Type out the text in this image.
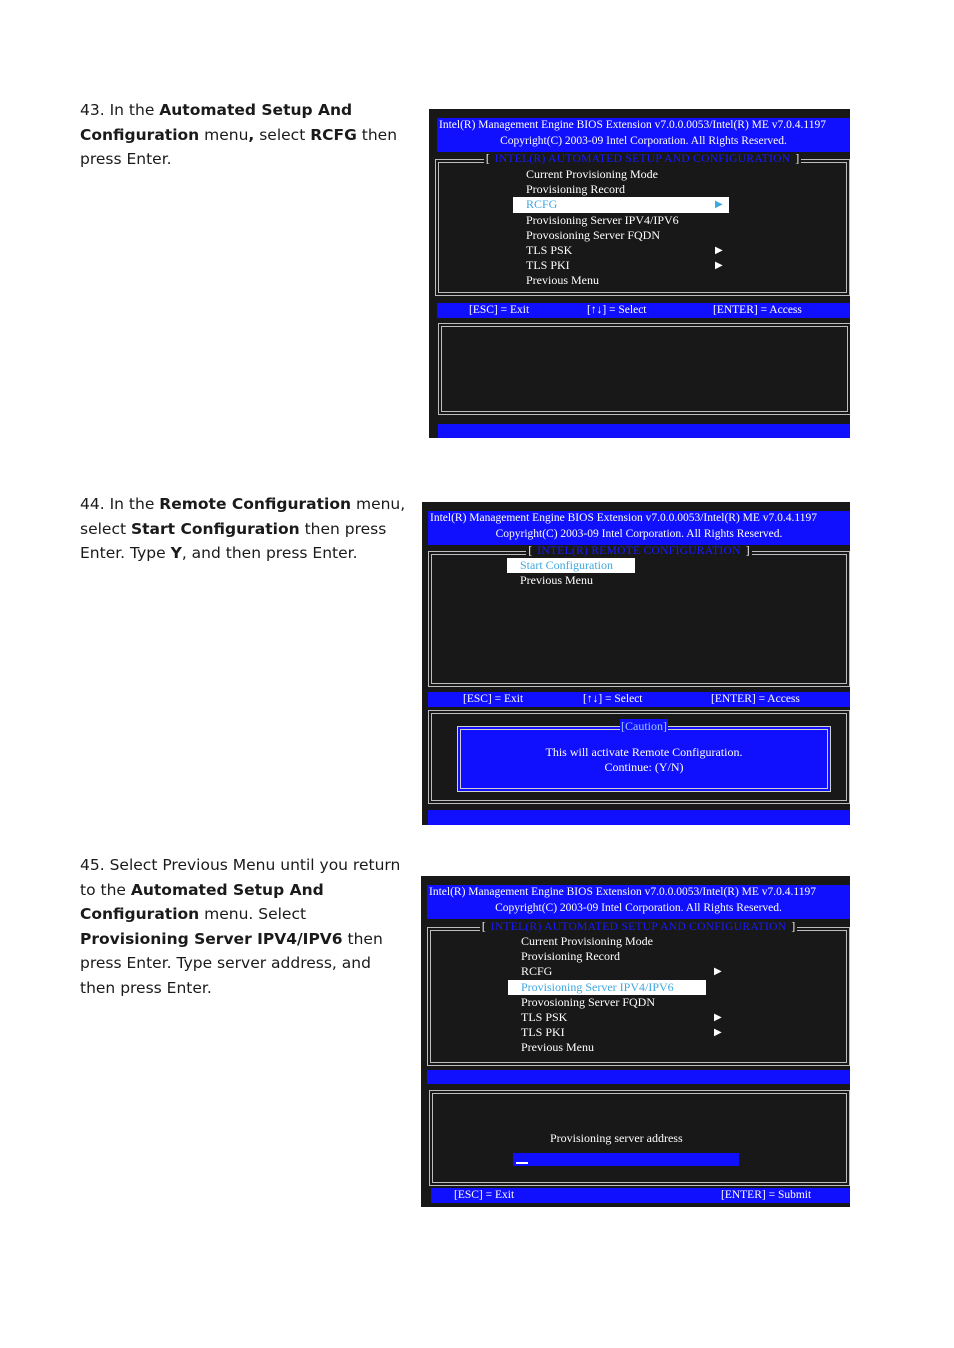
43. In the Automated Setup And Configuration menu, select RCFG then press Enter.
44. In the Remote Configuration menu, select Start Configuration then press Enter. Type Y, and then press Enter.
45. Select Previous Menu until you return to the Automated Setup And Configuration menu. Select Provisioning Server IPV4/IPV6 then press Enter. Type server address, and then press Enter.
Intel(R) Management Engine BIOS Extension v7.0.0.0053/Intel(R) ME v7.0.4.1197
Copyright(C) 2003-09 Intel Corporation. All Rights Reserved.
[ INTEL(R) AUTOMATED SETUP AND CONFIGURATION ]
Current Provisioning Mode
Provisioning Record
RCFG	▶
Provisioning Server IPV4/IPV6
Provosioning Server FQDN
TLS PSK	▶
TLS PKI	▶
Previous Menu
[ESC] = Exit	[↑↓] = Select	[ENTER] = Access
Intel(R) Management Engine BIOS Extension v7.0.0.0053/Intel(R) ME v7.0.4.1197
Copyright(C) 2003-09 Intel Corporation. All Rights Reserved.
[ INTEL(R) REMOTE CONFIGURATION ]
Start Configuration
Previous Menu
[ESC] = Exit	[↑↓] = Select	[ENTER] = Access
[Caution]
This will activate Remote Configuration.
Continue: (Y/N)
Intel(R) Management Engine BIOS Extension v7.0.0.0053/Intel(R) ME v7.0.4.1197
Copyright(C) 2003-09 Intel Corporation. All Rights Reserved.
[ INTEL(R) AUTOMATED SETUP AND CONFIGURATION ]
Current Provisioning Mode
Provisioning Record
RCFG	▶
Provisioning Server IPV4/IPV6
Provosioning Server FQDN
TLS PSK	▶
TLS PKI	▶
Previous Menu
Provisioning server address
[ESC] = Exit	[ENTER] = Submit
